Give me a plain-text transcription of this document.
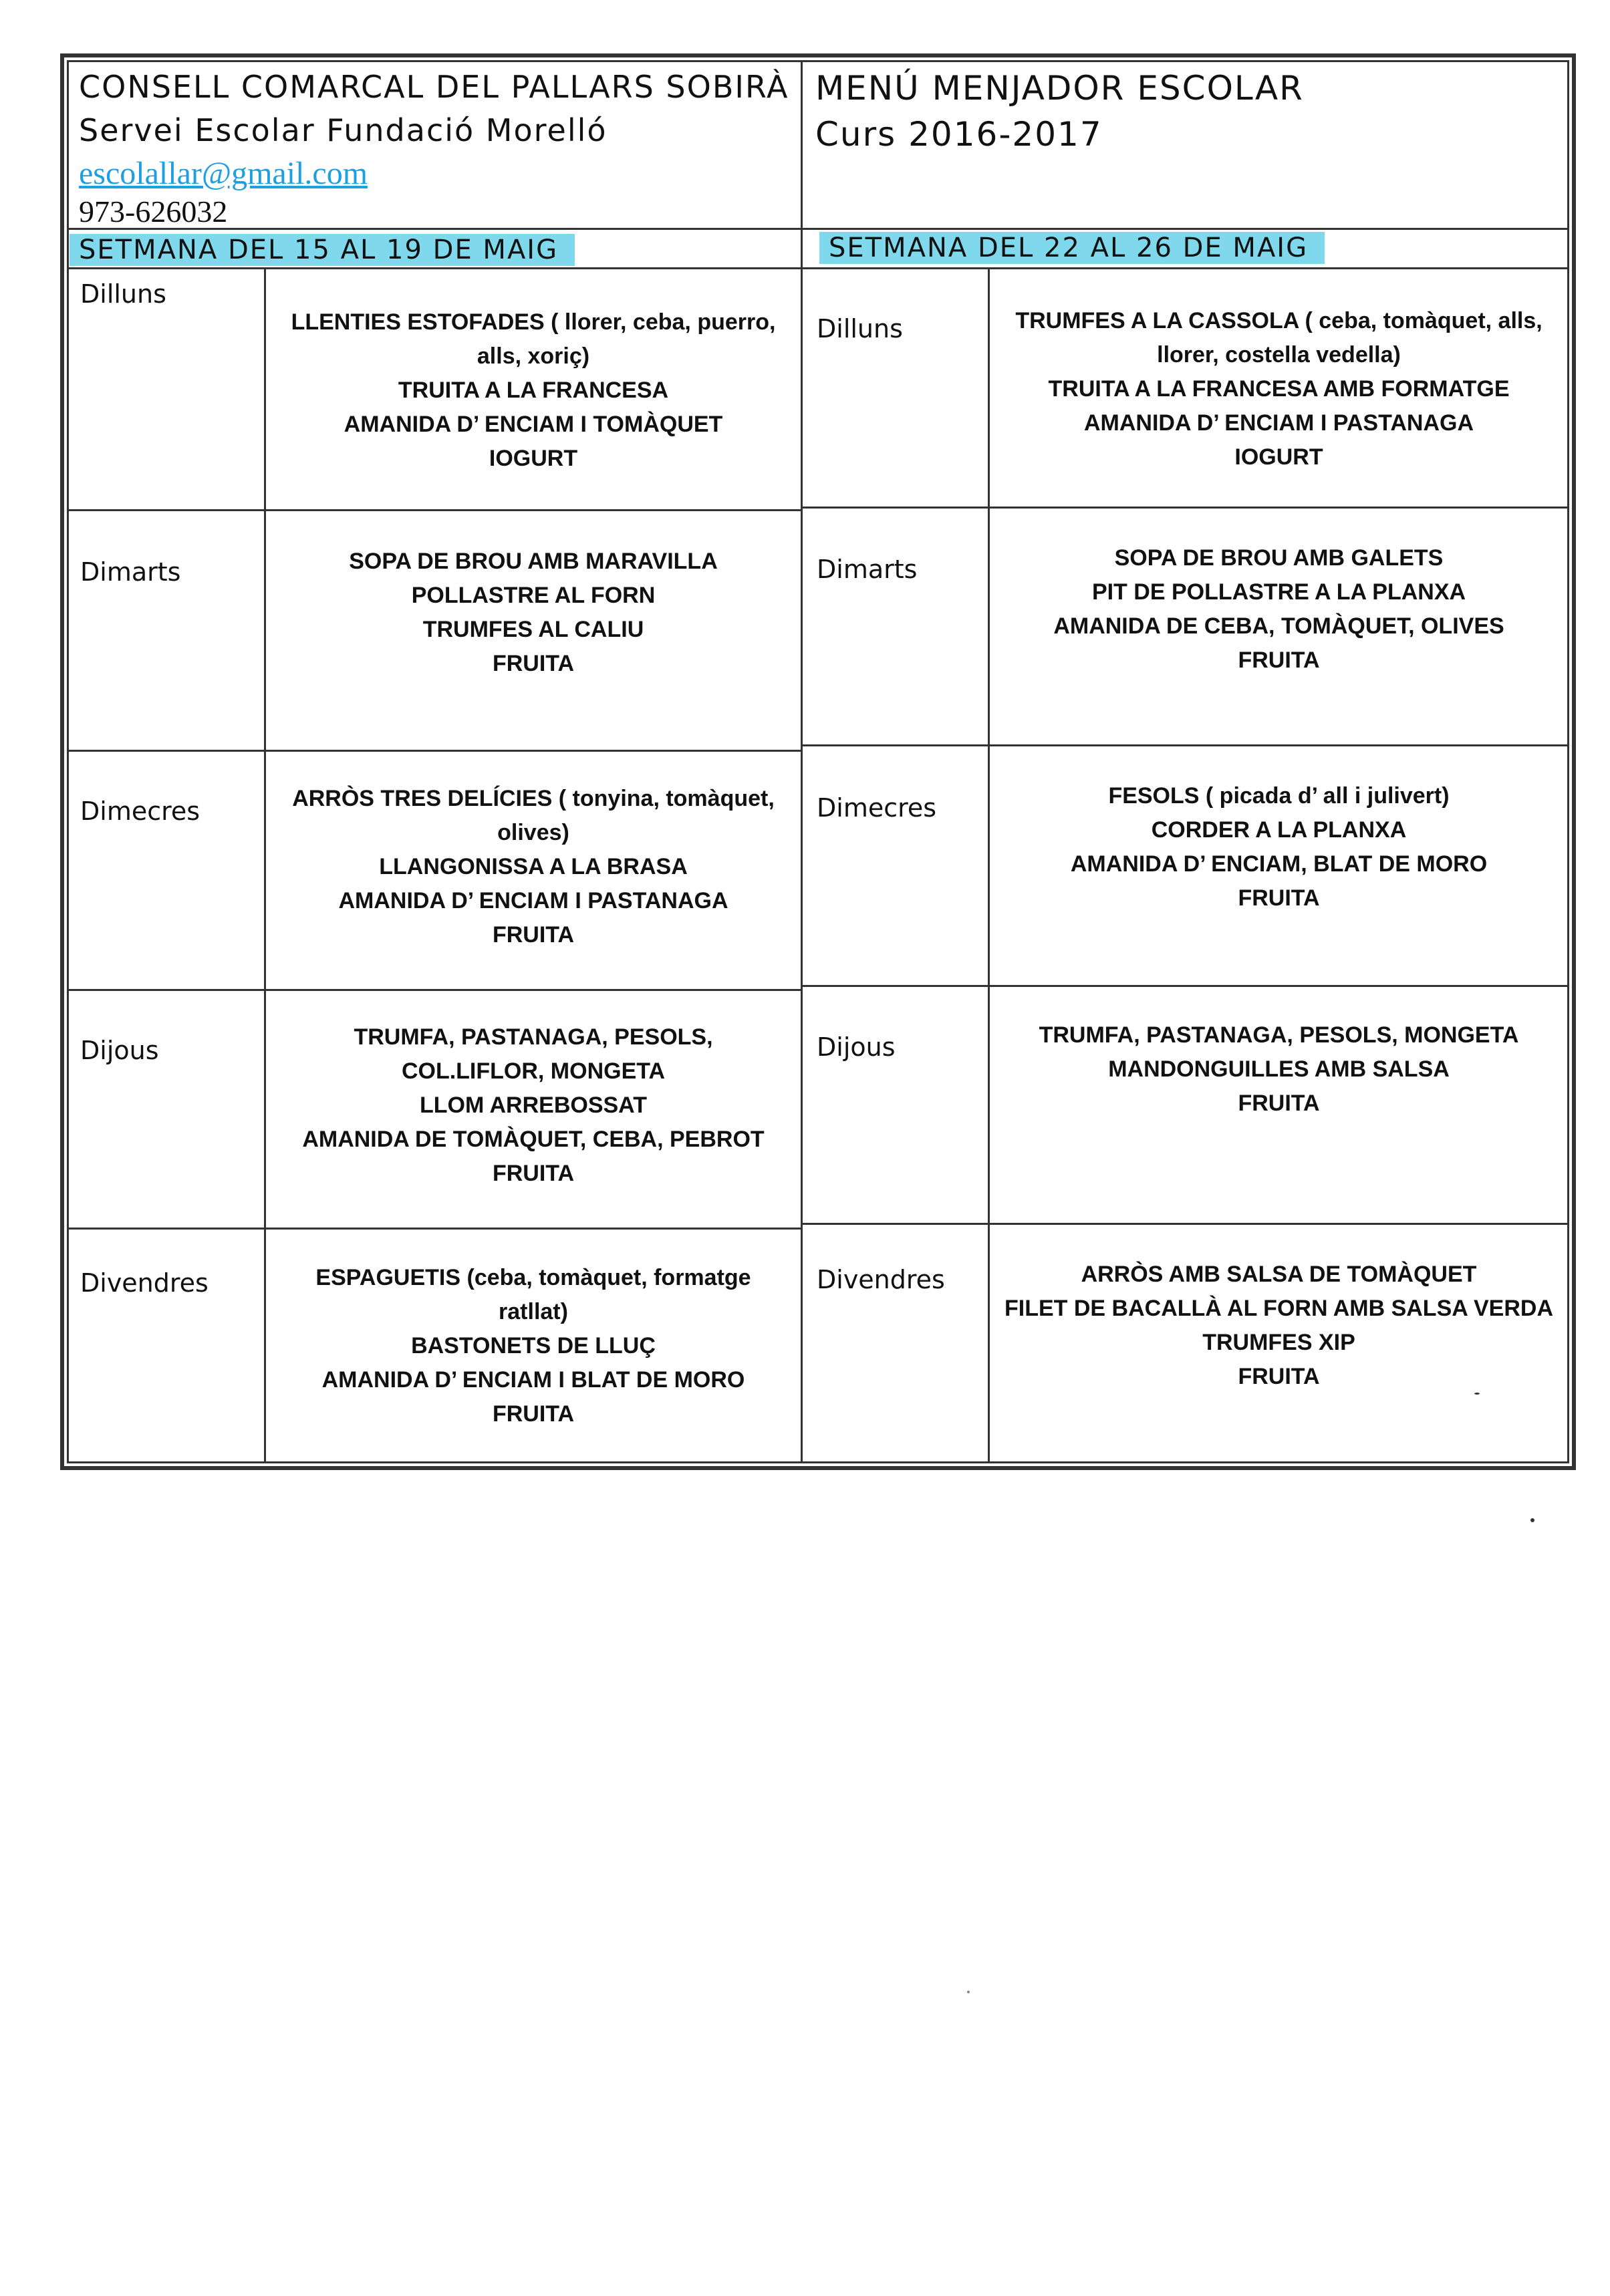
CONSELL COMARCAL DEL PALLARS SOBIRÀ
Servei Escolar Fundació Morelló
escolallar@gmail.com
973-626032
MENÚ MENJADOR ESCOLAR
Curs 2016-2017
SETMANA DEL 15 AL 19 DE MAIG	SETMANA DEL 22 AL 26 DE MAIG
Dilluns
Dimarts
Dimecres
Dijous
Divendres
Dilluns
Dimarts
Dimecres
Dijous
Divendres
LLENTIES ESTOFADES ( llorer, ceba, puerro,
alls, xoriç)
TRUITA A LA FRANCESA
AMANIDA D’ ENCIAM I TOMÀQUET
IOGURT
SOPA DE BROU AMB MARAVILLA
POLLASTRE AL FORN
TRUMFES AL CALIU
FRUITA
ARRÒS TRES DELÍCIES ( tonyina, tomàquet,
olives)
LLANGONISSA A LA BRASA
AMANIDA D’ ENCIAM I PASTANAGA
FRUITA
TRUMFA, PASTANAGA, PESOLS,
COL.LIFLOR, MONGETA
LLOM ARREBOSSAT
AMANIDA DE TOMÀQUET, CEBA, PEBROT
FRUITA
ESPAGUETIS (ceba, tomàquet, formatge
ratllat)
BASTONETS DE LLUÇ
AMANIDA D’ ENCIAM I BLAT DE MORO
FRUITA
TRUMFES A LA CASSOLA ( ceba, tomàquet, alls,
llorer, costella vedella)
TRUITA A LA FRANCESA AMB FORMATGE
AMANIDA D’ ENCIAM I PASTANAGA
IOGURT
SOPA DE BROU AMB GALETS
PIT DE POLLASTRE A LA PLANXA
AMANIDA DE CEBA, TOMÀQUET, OLIVES
FRUITA
FESOLS ( picada d’ all i julivert)
CORDER A LA PLANXA
AMANIDA D’ ENCIAM, BLAT DE MORO
FRUITA
TRUMFA, PASTANAGA, PESOLS, MONGETA
MANDONGUILLES AMB SALSA
FRUITA
ARRÒS AMB SALSA DE TOMÀQUET
FILET DE BACALLÀ AL FORN AMB SALSA VERDA
TRUMFES XIP
FRUITA
